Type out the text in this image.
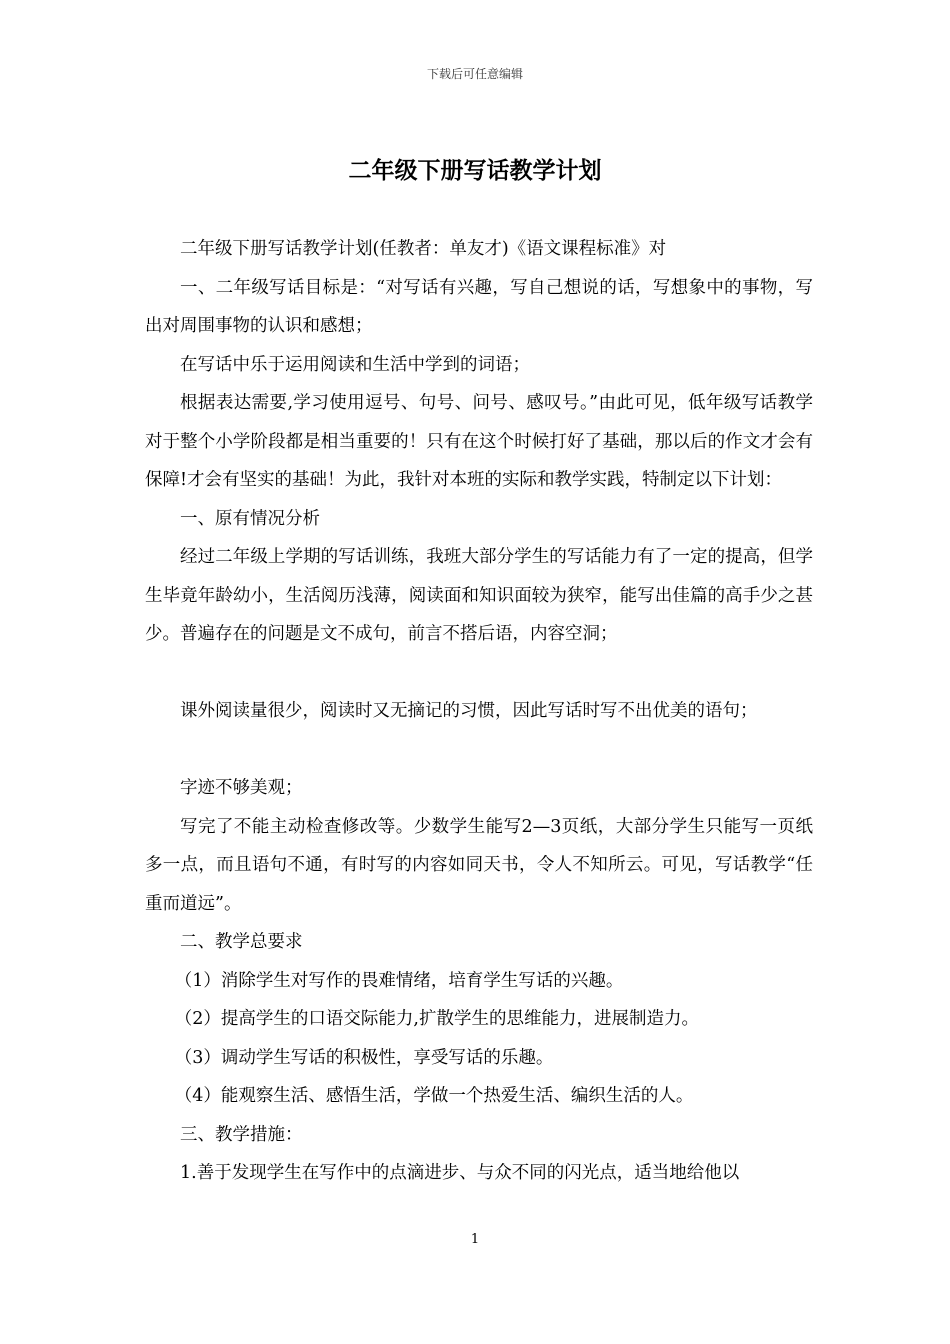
下载后可任意编辑
二年级下册写话教学计划

二年级下册写话教学计划(任教者：单友才)《语文课程标准》对

一、二年级写话目标是：“对写话有兴趣，写自己想说的话，写想象中的事物，写出对周围事物的认识和感想；

在写话中乐于运用阅读和生活中学到的词语；

根据表达需要,学习使用逗号、句号、问号、感叹号。”由此可见，低年级写话教学对于整个小学阶段都是相当重要的！只有在这个时候打好了基础，那以后的作文才会有保障!才会有坚实的基础！为此，我针对本班的实际和教学实践，特制定以下计划：

一、原有情况分析

经过二年级上学期的写话训练，我班大部分学生的写话能力有了一定的提高，但学生毕竟年龄幼小，生活阅历浅薄，阅读面和知识面较为狭窄，能写出佳篇的高手少之甚少。普遍存在的问题是文不成句，前言不搭后语，内容空洞；

课外阅读量很少，阅读时又无摘记的习惯，因此写话时写不出优美的语句；

字迹不够美观；

写完了不能主动检查修改等。少数学生能写2—3页纸，大部分学生只能写一页纸多一点，而且语句不通，有时写的内容如同天书，令人不知所云。可见，写话教学“任重而道远”。

二、教学总要求

（1）消除学生对写作的畏难情绪，培育学生写话的兴趣。

（2）提高学生的口语交际能力,扩散学生的思维能力，进展制造力。

（3）调动学生写话的积极性，享受写话的乐趣。

（4）能观察生活、感悟生活，学做一个热爱生活、编织生活的人。

三、教学措施：

1.善于发现学生在写作中的点滴进步、与众不同的闪光点，适当地给他以

1
